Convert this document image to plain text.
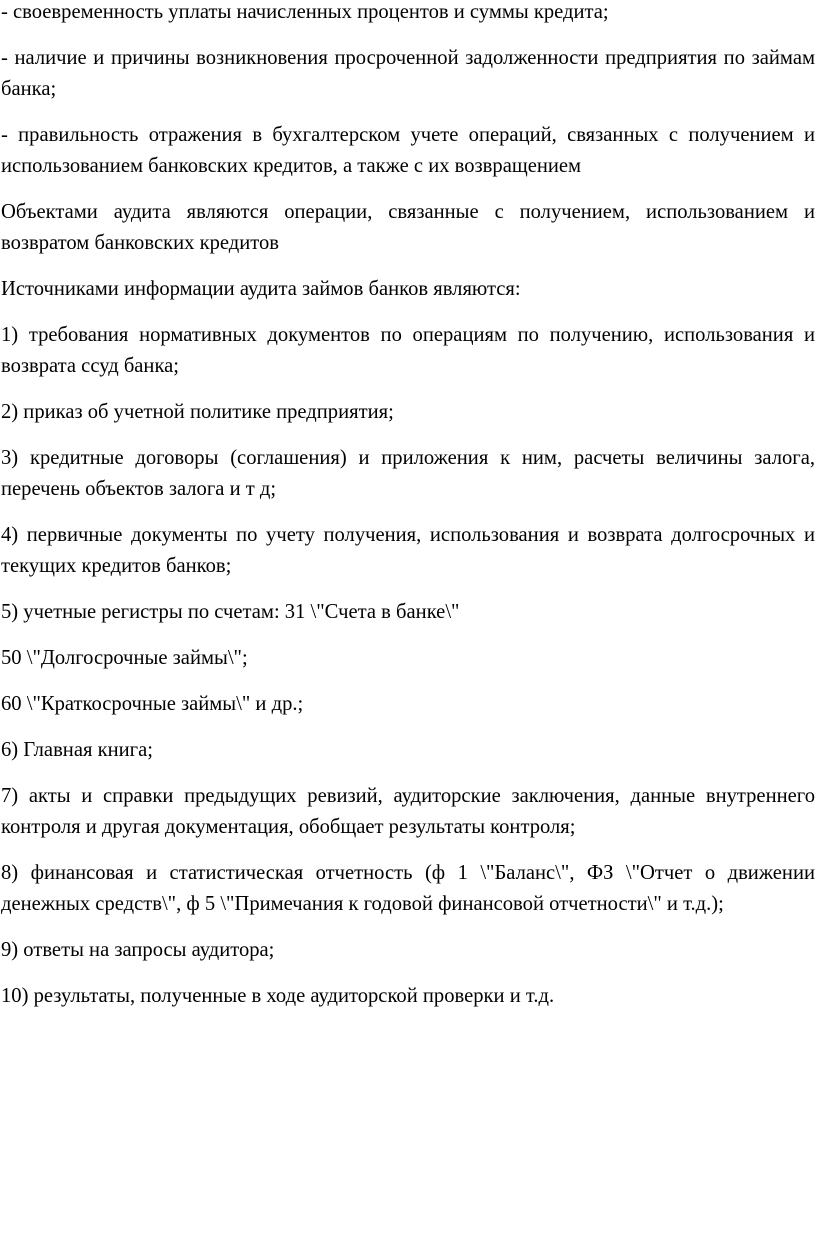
- своевременность уплаты начисленных процентов и суммы кредита;

- наличие и причины возникновения просроченной задолженности предприятия по займам банка;

- правильность отражения в бухгалтерском учете операций, связанных с получением и использованием банковских кредитов, а также с их возвращением

Объектами аудита являются операции, связанные с получением, использованием и возвратом банковских кредитов

Источниками информации аудита займов банков являются:

1) требования нормативных документов по операциям по получению, использования и возврата ссуд банка;

2) приказ об учетной политике предприятия;

3) кредитные договоры (соглашения) и приложения к ним, расчеты величины залога, перечень объектов залога и т д;

4) первичные документы по учету получения, использования и возврата долгосрочных и текущих кредитов банков;

5) учетные регистры по счетам: 31 \"Счета в банке\"

50 \"Долгосрочные займы\";

60 \"Краткосрочные займы\" и др.;

6) Главная книга;

7) акты и справки предыдущих ревизий, аудиторские заключения, данные внутреннего контроля и другая документация, обобщает результаты контроля;

8) финансовая и статистическая отчетность (ф 1 \"Баланс\", ФЗ \"Отчет о движении денежных средств\", ф 5 \"Примечания к годовой финансовой отчетности\" и т.д.);

9) ответы на запросы аудитора;

10) результаты, полученные в ходе аудиторской проверки и т.д.
